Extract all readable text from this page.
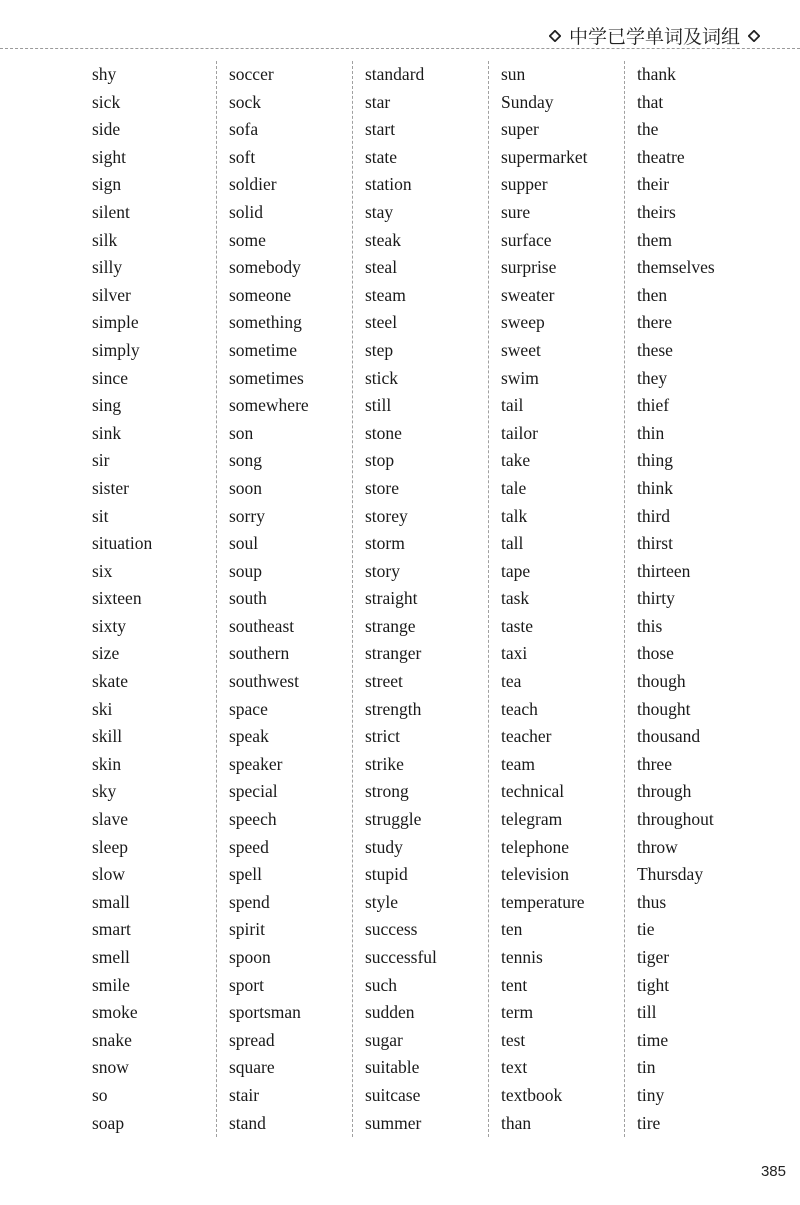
中学已学单词及词组
shy
sick
side
sight
sign
silent
silk
silly
silver
simple
simply
since
sing
sink
sir
sister
sit
situation
six
sixteen
sixty
size
skate
ski
skill
skin
sky
slave
sleep
slow
small
smart
smell
smile
smoke
snake
snow
so
soap
soccer
sock
sofa
soft
soldier
solid
some
somebody
someone
something
sometime
sometimes
somewhere
son
song
soon
sorry
soul
soup
south
southeast
southern
southwest
space
speak
speaker
special
speech
speed
spell
spend
spirit
spoon
sport
sportsman
spread
square
stair
stand
standard
star
start
state
station
stay
steak
steal
steam
steel
step
stick
still
stone
stop
store
storey
storm
story
straight
strange
stranger
street
strength
strict
strike
strong
struggle
study
stupid
style
success
successful
such
sudden
sugar
suitable
suitcase
summer
sun
Sunday
super
supermarket
supper
sure
surface
surprise
sweater
sweep
sweet
swim
tail
tailor
take
tale
talk
tall
tape
task
taste
taxi
tea
teach
teacher
team
technical
telegram
telephone
television
temperature
ten
tennis
tent
term
test
text
textbook
than
thank
that
the
theatre
their
theirs
them
themselves
then
there
these
they
thief
thin
thing
think
third
thirst
thirteen
thirty
this
those
though
thought
thousand
three
through
throughout
throw
Thursday
thus
tie
tiger
tight
till
time
tin
tiny
tire
385
